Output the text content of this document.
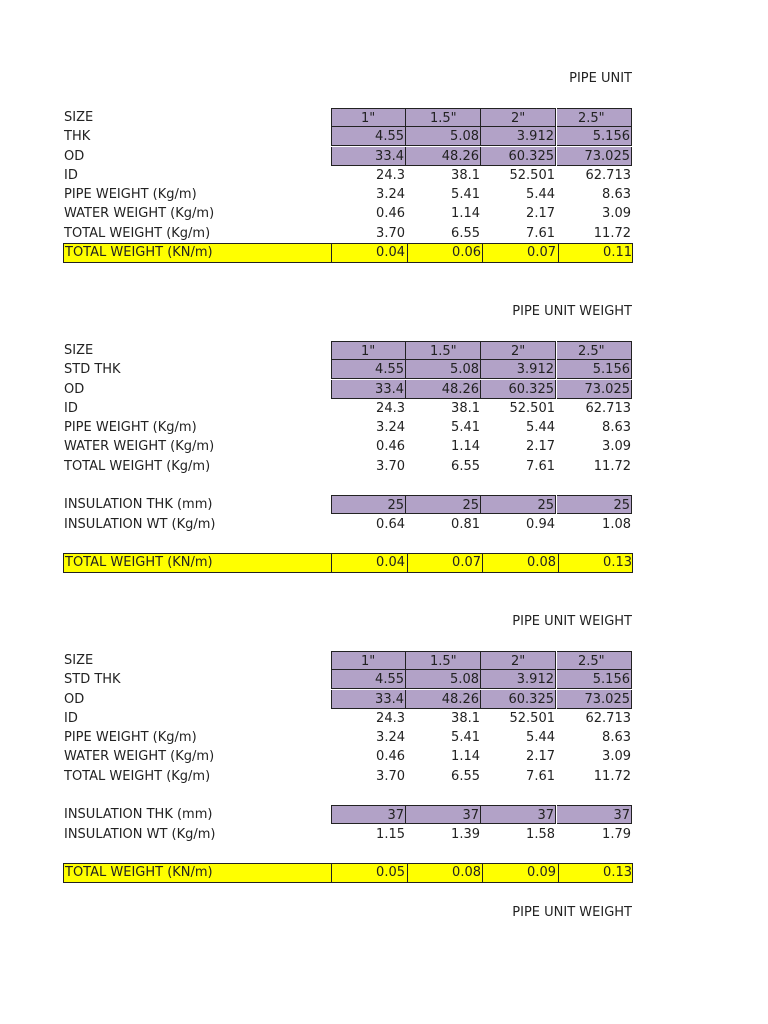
PIPE UNIT
SIZE	1"	1.5"	2"	2.5"
THK	4.55	5.08	3.912	5.156
OD	33.4	48.26	60.325	73.025
ID	24.3	38.1	52.501	62.713
PIPE WEIGHT (Kg/m)	3.24	5.41	5.44	8.63
WATER WEIGHT (Kg/m)	0.46	1.14	2.17	3.09
TOTAL WEIGHT (Kg/m)	3.70	6.55	7.61	11.72
TOTAL WEIGHT (KN/m)	0.04	0.06	0.07	0.11
PIPE UNIT WEIGHT
SIZE	1"	1.5"	2"	2.5"
STD THK	4.55	5.08	3.912	5.156
OD	33.4	48.26	60.325	73.025
ID	24.3	38.1	52.501	62.713
PIPE WEIGHT (Kg/m)	3.24	5.41	5.44	8.63
WATER WEIGHT (Kg/m)	0.46	1.14	2.17	3.09
TOTAL WEIGHT (Kg/m)	3.70	6.55	7.61	11.72
INSULATION THK (mm)	25	25	25	25
INSULATION WT (Kg/m)	0.64	0.81	0.94	1.08
TOTAL WEIGHT (KN/m)	0.04	0.07	0.08	0.13
PIPE UNIT WEIGHT
SIZE	1"	1.5"	2"	2.5"
STD THK	4.55	5.08	3.912	5.156
OD	33.4	48.26	60.325	73.025
ID	24.3	38.1	52.501	62.713
PIPE WEIGHT (Kg/m)	3.24	5.41	5.44	8.63
WATER WEIGHT (Kg/m)	0.46	1.14	2.17	3.09
TOTAL WEIGHT (Kg/m)	3.70	6.55	7.61	11.72
INSULATION THK (mm)	37	37	37	37
INSULATION WT (Kg/m)	1.15	1.39	1.58	1.79
TOTAL WEIGHT (KN/m)	0.05	0.08	0.09	0.13
PIPE UNIT WEIGHT
